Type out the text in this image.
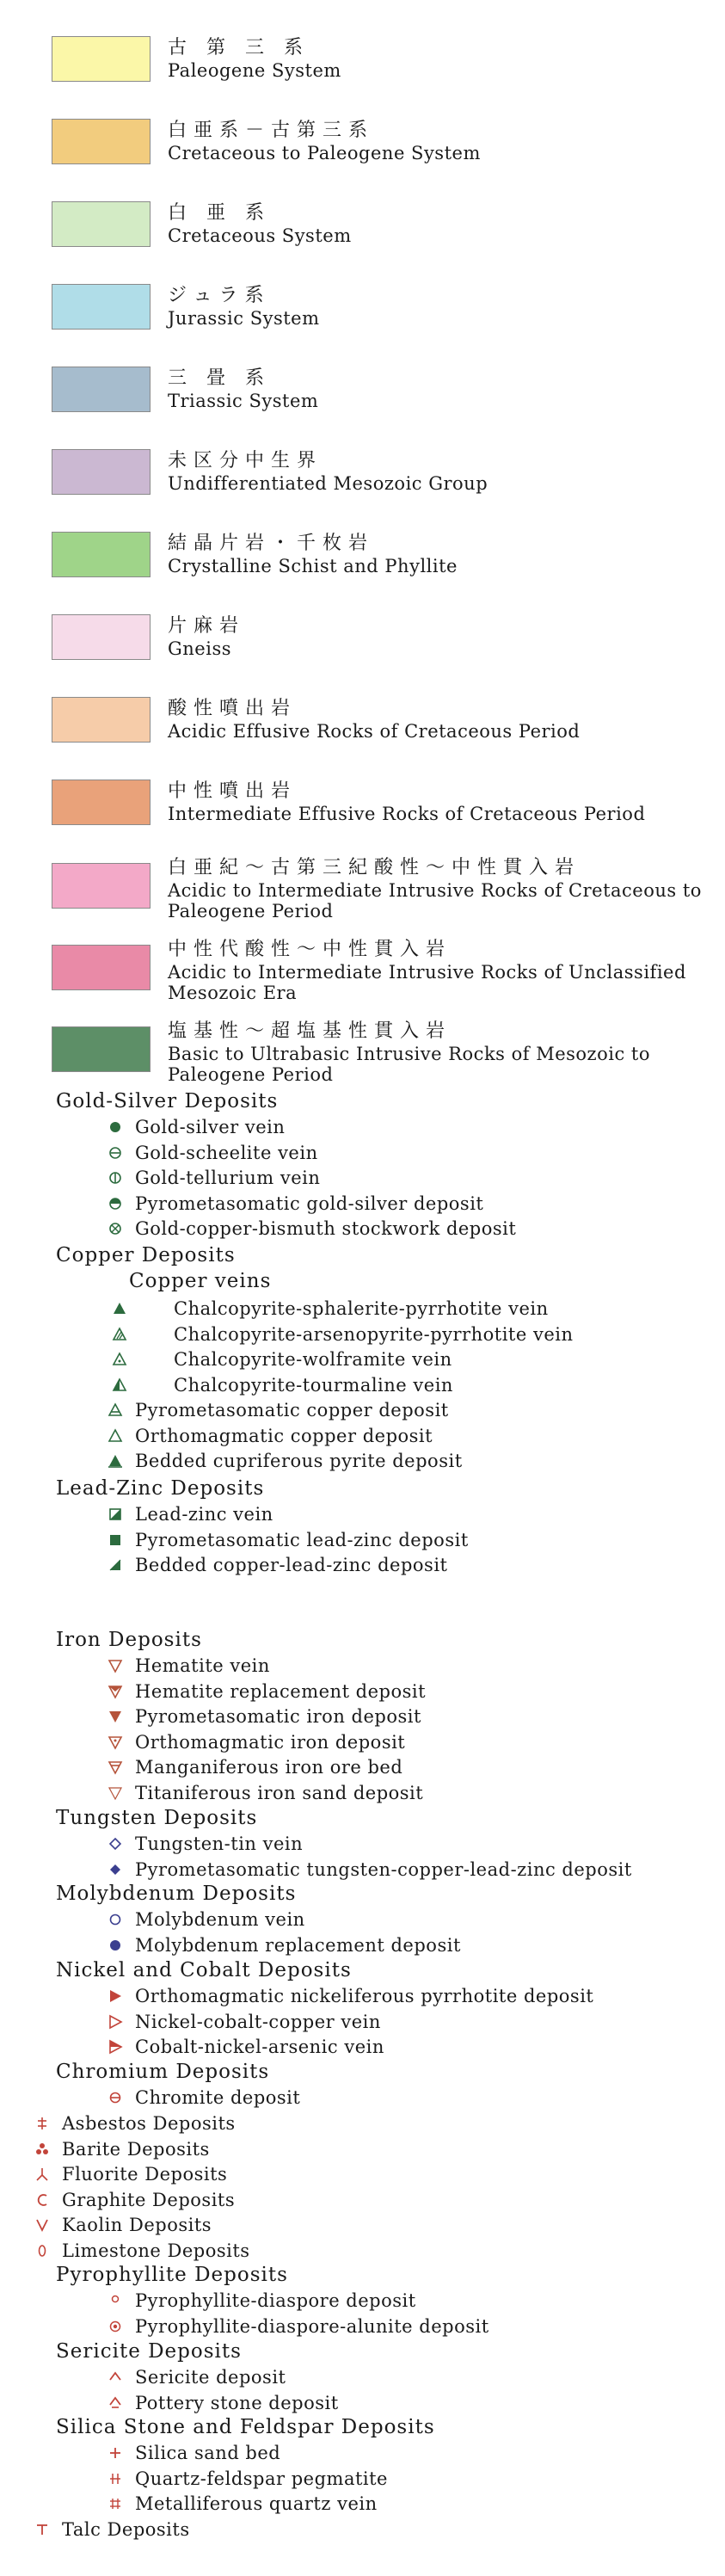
古 第 三 系
Paleogene System
白亜系－古第三系
Cretaceous to Paleogene System
白 亜 系
Cretaceous System
ジュラ系
Jurassic System
三 畳 系
Triassic System
未区分中生界
Undifferentiated Mesozoic Group
結晶片岩・千枚岩
Crystalline Schist and Phyllite
片麻岩
Gneiss
酸性噴出岩
Acidic Effusive Rocks of Cretaceous Period
中性噴出岩
Intermediate Effusive Rocks of Cretaceous Period
白亜紀～古第三紀酸性～中性貫入岩
Acidic to Intermediate Intrusive Rocks of Cretaceous to Paleogene Period
中性代酸性～中性貫入岩
Acidic to Intermediate Intrusive Rocks of Unclassified Mesozoic Era
塩基性～超塩基性貫入岩
Basic to Ultrabasic Intrusive Rocks of Mesozoic to Paleogene Period
Gold-Silver Deposits
Gold-silver vein
Gold-scheelite vein
Gold-tellurium vein
Pyrometasomatic gold-silver deposit
Gold-copper-bismuth stockwork deposit
Copper Deposits
Copper veins
Chalcopyrite-sphalerite-pyrrhotite vein
Chalcopyrite-arsenopyrite-pyrrhotite vein
Chalcopyrite-wolframite vein
Chalcopyrite-tourmaline vein
Pyrometasomatic copper deposit
Orthomagmatic copper deposit
Bedded cupriferous pyrite deposit
Lead-Zinc Deposits
Lead-zinc vein
Pyrometasomatic lead-zinc deposit
Bedded copper-lead-zinc deposit
Iron Deposits
Hematite vein
Hematite replacement deposit
Pyrometasomatic iron deposit
Orthomagmatic iron deposit
Manganiferous iron ore bed
Titaniferous iron sand deposit
Tungsten Deposits
Tungsten-tin vein
Pyrometasomatic tungsten-copper-lead-zinc deposit
Molybdenum Deposits
Molybdenum vein
Molybdenum replacement deposit
Nickel and Cobalt Deposits
Orthomagmatic nickeliferous pyrrhotite deposit
Nickel-cobalt-copper vein
Cobalt-nickel-arsenic vein
Chromium Deposits
Chromite deposit
Asbestos Deposits
Barite Deposits
Fluorite Deposits
Graphite Deposits
Kaolin Deposits
Limestone Deposits
Pyrophyllite Deposits
Pyrophyllite-diaspore deposit
Pyrophyllite-diaspore-alunite deposit
Sericite Deposits
Sericite deposit
Pottery stone deposit
Silica Stone and Feldspar Deposits
Silica sand bed
Quartz-feldspar pegmatite
Metalliferous quartz vein
Talc Deposits
